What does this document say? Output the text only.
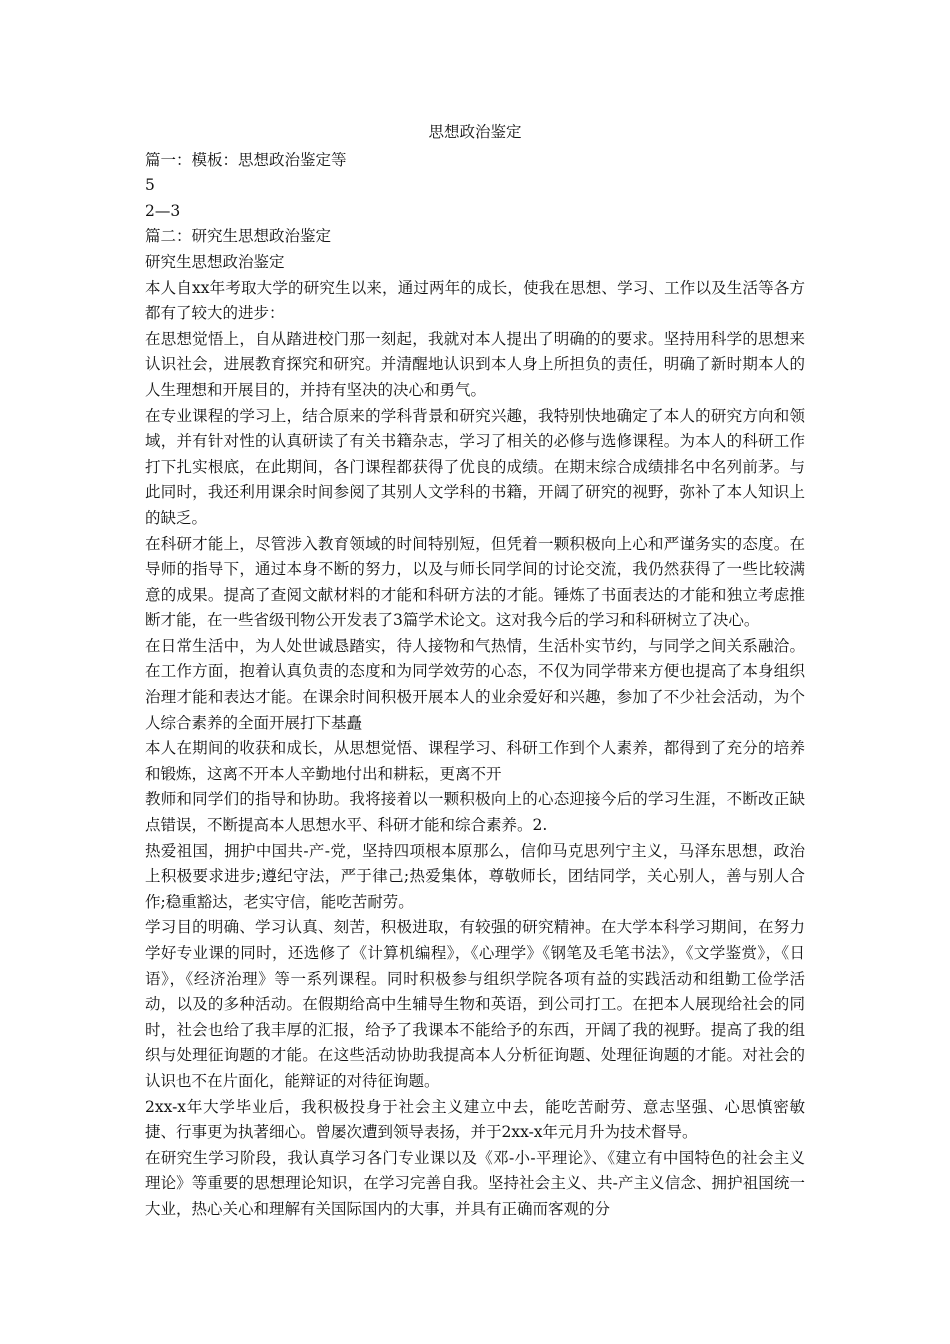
思想政治鉴定
篇一：模板：思想政治鉴定等
5
2—3
篇二：研究生思想政治鉴定
研究生思想政治鉴定

本人自xx年考取大学的研究生以来，通过两年的成长，使我在思想、学习、工作以及生活等各方都有了较大的进步：

在思想觉悟上，自从踏进校门那一刻起，我就对本人提出了明确的的要求。坚持用科学的思想来认识社会，进展教育探究和研究。并清醒地认识到本人身上所担负的责任，明确了新时期本人的人生理想和开展目的，并持有坚决的决心和勇气。

在专业课程的学习上，结合原来的学科背景和研究兴趣，我特别快地确定了本人的研究方向和领域，并有针对性的认真研读了有关书籍杂志，学习了相关的必修与选修课程。为本人的科研工作打下扎实根底，在此期间，各门课程都获得了优良的成绩。在期末综合成绩排名中名列前茅。与此同时，我还利用课余时间参阅了其别人文学科的书籍，开阔了研究的视野，弥补了本人知识上的缺乏。

在科研才能上，尽管涉入教育领域的时间特别短，但凭着一颗积极向上心和严谨务实的态度。在导师的指导下，通过本身不断的努力，以及与师长同学间的讨论交流，我仍然获得了一些比较满意的成果。提高了查阅文献材料的才能和科研方法的才能。锤炼了书面表达的才能和独立考虑推断才能，在一些省级刊物公开发表了3篇学术论文。这对我今后的学习和科研树立了决心。

在日常生活中，为人处世诚恳踏实，待人接物和气热情，生活朴实节约，与同学之间关系融洽。在工作方面，抱着认真负责的态度和为同学效劳的心态，不仅为同学带来方便也提高了本身组织治理才能和表达才能。在课余时间积极开展本人的业余爱好和兴趣，参加了不少社会活动，为个人综合素养的全面开展打下基矗

本人在期间的收获和成长，从思想觉悟、课程学习、科研工作到个人素养，都得到了充分的培养和锻炼，这离不开本人辛勤地付出和耕耘，更离不开

教师和同学们的指导和协助。我将接着以一颗积极向上的心态迎接今后的学习生涯，不断改正缺点错误，不断提高本人思想水平、科研才能和综合素养。2.

热爱祖国，拥护中国共-产-党，坚持四项根本原那么，信仰马克思列宁主义，马泽东思想，政治上积极要求进步;遵纪守法，严于律己;热爱集体，尊敬师长，团结同学，关心别人，善与别人合作;稳重豁达，老实守信，能吃苦耐劳。

学习目的明确、学习认真、刻苦，积极进取，有较强的研究精神。在大学本科学习期间，在努力学好专业课的同时，还选修了《计算机编程》，《心理学》《钢笔及毛笔书法》，《文学鉴赏》，《日语》，《经济治理》等一系列课程。同时积极参与组织学院各项有益的实践活动和组勤工俭学活动，以及的多种活动。在假期给高中生辅导生物和英语，到公司打工。在把本人展现给社会的同时，社会也给了我丰厚的汇报，给予了我课本不能给予的东西，开阔了我的视野。提高了我的组织与处理征询题的才能。在这些活动协助我提高本人分析征询题、处理征询题的才能。对社会的认识也不在片面化，能辩证的对待征询题。

2xx-x年大学毕业后，我积极投身于社会主义建立中去，能吃苦耐劳、意志坚强、心思慎密敏捷、行事更为执著细心。曾屡次遭到领导表扬，并于2xx-x年元月升为技术督导。

在研究生学习阶段，我认真学习各门专业课以及《邓-小-平理论》、《建立有中国特色的社会主义理论》等重要的思想理论知识，在学习完善自我。坚持社会主义、共-产主义信念、拥护祖国统一大业，热心关心和理解有关国际国内的大事，并具有正确而客观的分
